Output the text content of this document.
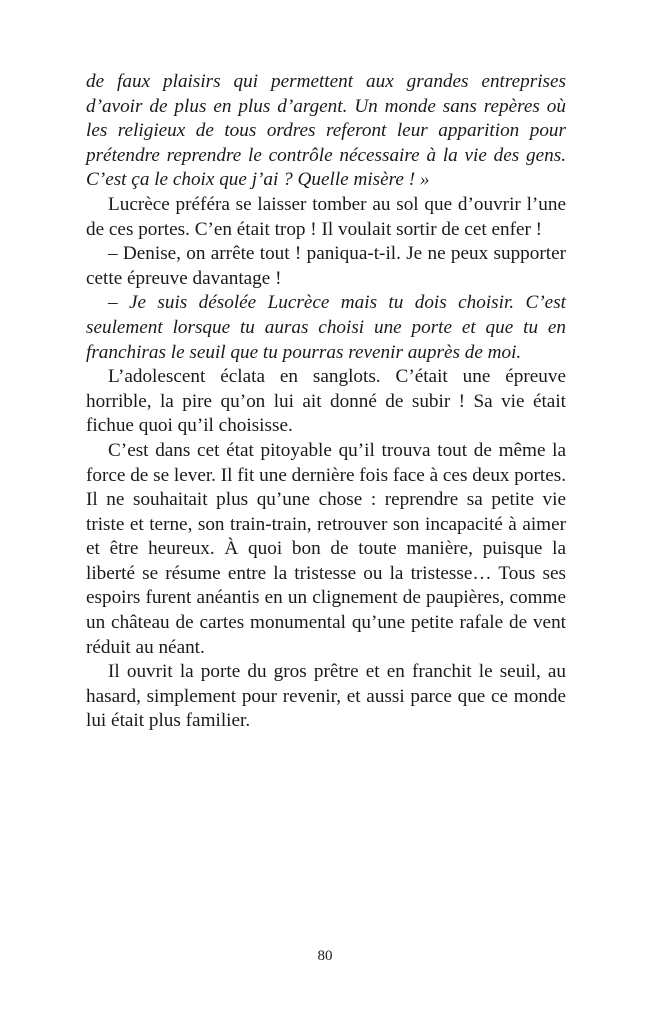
de faux plaisirs qui permettent aux grandes entreprises d’avoir de plus en plus d’argent. Un monde sans repères où les religieux de tous ordres referont leur apparition pour prétendre reprendre le contrôle nécessaire à la vie des gens. C’est ça le choix que j’ai ? Quelle misère ! »

Lucrèce préféra se laisser tomber au sol que d’ouvrir l’une de ces portes. C’en était trop ! Il voulait sortir de cet enfer !

– Denise, on arrête tout ! paniqua-t-il. Je ne peux supporter cette épreuve davantage !

– Je suis désolée Lucrèce mais tu dois choisir. C’est seulement lorsque tu auras choisi une porte et que tu en franchiras le seuil que tu pourras revenir auprès de moi.

L’adolescent éclata en sanglots. C’était une épreuve horrible, la pire qu’on lui ait donné de subir ! Sa vie était fichue quoi qu’il choisisse.

C’est dans cet état pitoyable qu’il trouva tout de même la force de se lever. Il fit une dernière fois face à ces deux portes. Il ne souhaitait plus qu’une chose : reprendre sa petite vie triste et terne, son train-train, retrouver son incapacité à aimer et être heureux. À quoi bon de toute manière, puisque la liberté se résume entre la tristesse ou la tristesse… Tous ses espoirs furent anéantis en un clignement de paupières, comme un château de cartes monumental qu’une petite rafale de vent réduit au néant.

Il ouvrit la porte du gros prêtre et en franchit le seuil, au hasard, simplement pour revenir, et aussi parce que ce monde lui était plus familier.

80
